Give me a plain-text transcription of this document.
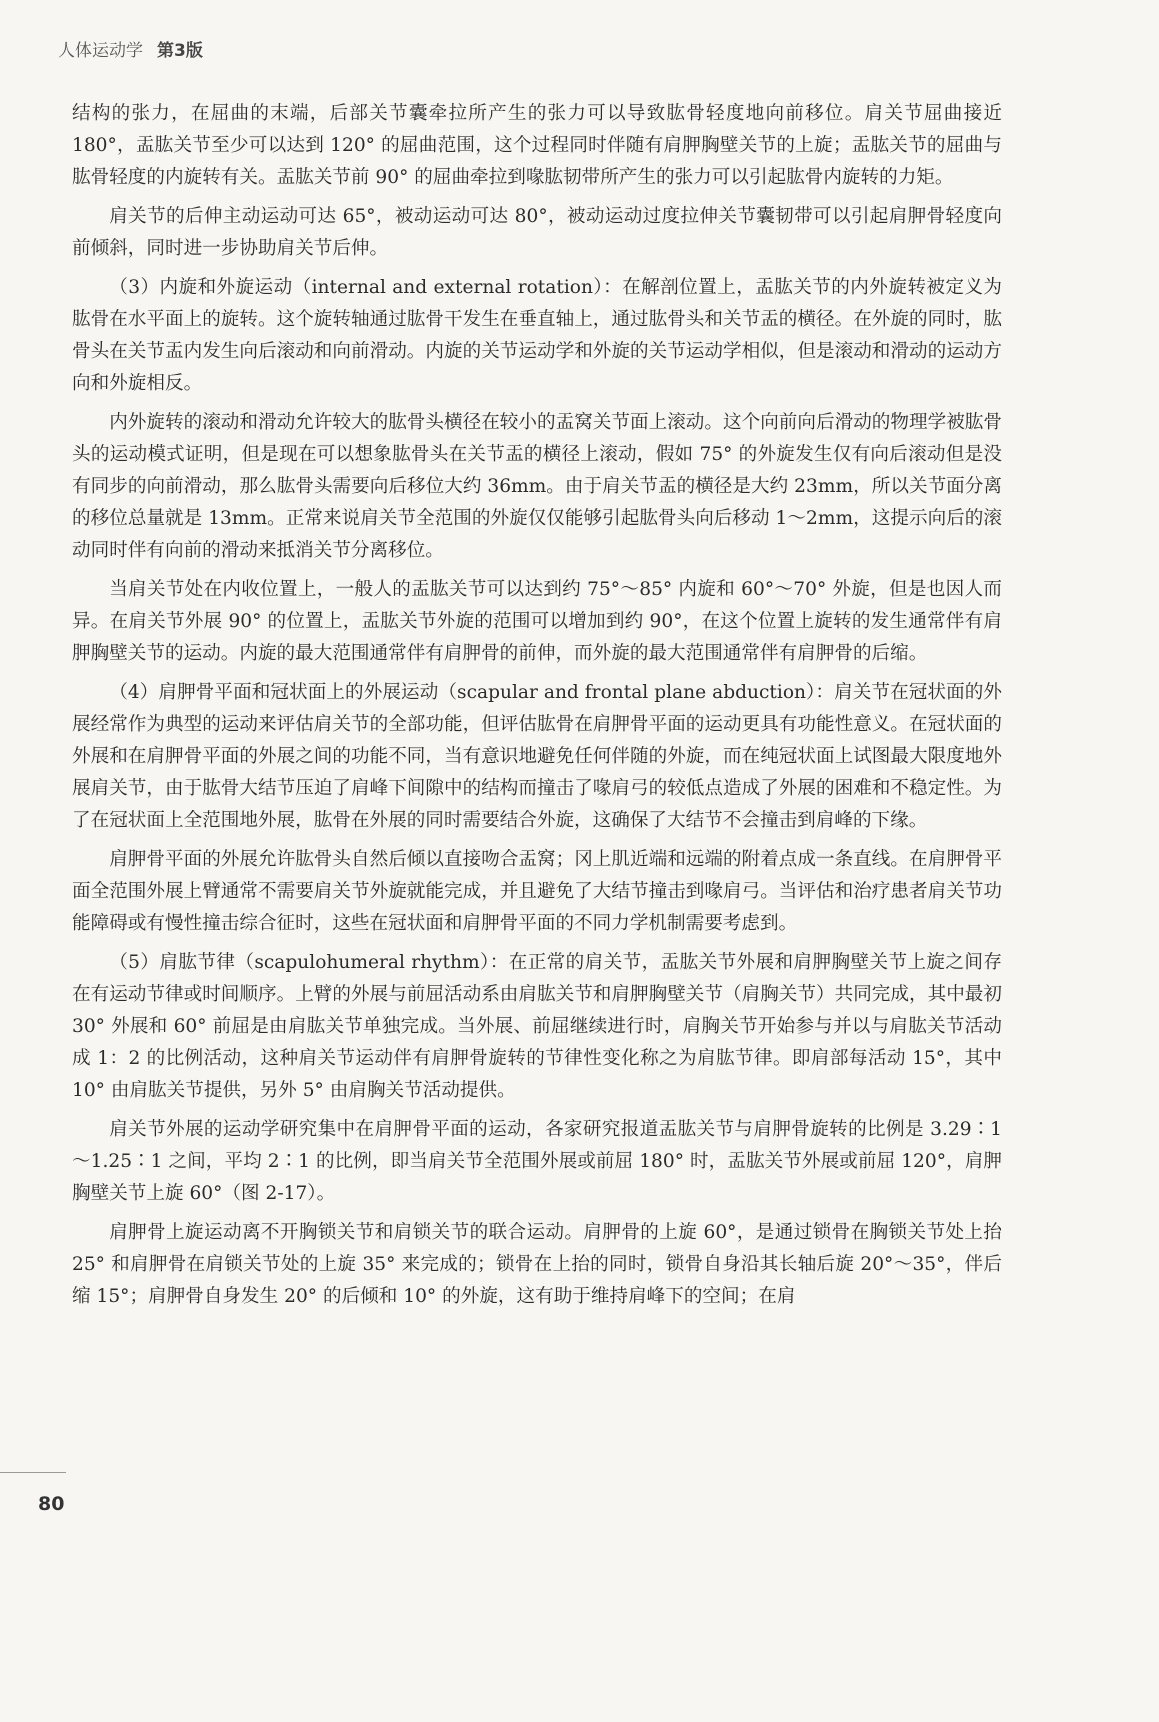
人体运动学 第3版

结构的张力，在屈曲的末端，后部关节囊牵拉所产生的张力可以导致肱骨轻度地向前移位。肩关节屈曲接近 180°，盂肱关节至少可以达到 120° 的屈曲范围，这个过程同时伴随有肩胛胸壁关节的上旋；盂肱关节的屈曲与肱骨轻度的内旋转有关。盂肱关节前 90° 的屈曲牵拉到喙肱韧带所产生的张力可以引起肱骨内旋转的力矩。

肩关节的后伸主动运动可达 65°，被动运动可达 80°，被动运动过度拉伸关节囊韧带可以引起肩胛骨轻度向前倾斜，同时进一步协助肩关节后伸。

（3）内旋和外旋运动（internal and external rotation）：在解剖位置上，盂肱关节的内外旋转被定义为肱骨在水平面上的旋转。这个旋转轴通过肱骨干发生在垂直轴上，通过肱骨头和关节盂的横径。在外旋的同时，肱骨头在关节盂内发生向后滚动和向前滑动。内旋的关节运动学和外旋的关节运动学相似，但是滚动和滑动的运动方向和外旋相反。

内外旋转的滚动和滑动允许较大的肱骨头横径在较小的盂窝关节面上滚动。这个向前向后滑动的物理学被肱骨头的运动模式证明，但是现在可以想象肱骨头在关节盂的横径上滚动，假如 75° 的外旋发生仅有向后滚动但是没有同步的向前滑动，那么肱骨头需要向后移位大约 36mm。由于肩关节盂的横径是大约 23mm，所以关节面分离的移位总量就是 13mm。正常来说肩关节全范围的外旋仅仅能够引起肱骨头向后移动 1～2mm，这提示向后的滚动同时伴有向前的滑动来抵消关节分离移位。

当肩关节处在内收位置上，一般人的盂肱关节可以达到约 75°～85° 内旋和 60°～70° 外旋，但是也因人而异。在肩关节外展 90° 的位置上，盂肱关节外旋的范围可以增加到约 90°，在这个位置上旋转的发生通常伴有肩胛胸壁关节的运动。内旋的最大范围通常伴有肩胛骨的前伸，而外旋的最大范围通常伴有肩胛骨的后缩。

（4）肩胛骨平面和冠状面上的外展运动（scapular and frontal plane abduction）：肩关节在冠状面的外展经常作为典型的运动来评估肩关节的全部功能，但评估肱骨在肩胛骨平面的运动更具有功能性意义。在冠状面的外展和在肩胛骨平面的外展之间的功能不同，当有意识地避免任何伴随的外旋，而在纯冠状面上试图最大限度地外展肩关节，由于肱骨大结节压迫了肩峰下间隙中的结构而撞击了喙肩弓的较低点造成了外展的困难和不稳定性。为了在冠状面上全范围地外展，肱骨在外展的同时需要结合外旋，这确保了大结节不会撞击到肩峰的下缘。

肩胛骨平面的外展允许肱骨头自然后倾以直接吻合盂窝；冈上肌近端和远端的附着点成一条直线。在肩胛骨平面全范围外展上臂通常不需要肩关节外旋就能完成，并且避免了大结节撞击到喙肩弓。当评估和治疗患者肩关节功能障碍或有慢性撞击综合征时，这些在冠状面和肩胛骨平面的不同力学机制需要考虑到。

（5）肩肱节律（scapulohumeral rhythm）：在正常的肩关节，盂肱关节外展和肩胛胸壁关节上旋之间存在有运动节律或时间顺序。上臂的外展与前屈活动系由肩肱关节和肩胛胸壁关节（肩胸关节）共同完成，其中最初 30° 外展和 60° 前屈是由肩肱关节单独完成。当外展、前屈继续进行时，肩胸关节开始参与并以与肩肱关节活动成 1：2 的比例活动，这种肩关节运动伴有肩胛骨旋转的节律性变化称之为肩肱节律。即肩部每活动 15°，其中 10° 由肩肱关节提供，另外 5° 由肩胸关节活动提供。

肩关节外展的运动学研究集中在肩胛骨平面的运动，各家研究报道盂肱关节与肩胛骨旋转的比例是 3.29∶1～1.25∶1 之间，平均 2∶1 的比例，即当肩关节全范围外展或前屈 180° 时，盂肱关节外展或前屈 120°，肩胛胸壁关节上旋 60°（图 2-17）。

肩胛骨上旋运动离不开胸锁关节和肩锁关节的联合运动。肩胛骨的上旋 60°，是通过锁骨在胸锁关节处上抬 25° 和肩胛骨在肩锁关节处的上旋 35° 来完成的；锁骨在上抬的同时，锁骨自身沿其长轴后旋 20°～35°，伴后缩 15°；肩胛骨自身发生 20° 的后倾和 10° 的外旋，这有助于维持肩峰下的空间；在肩

80
